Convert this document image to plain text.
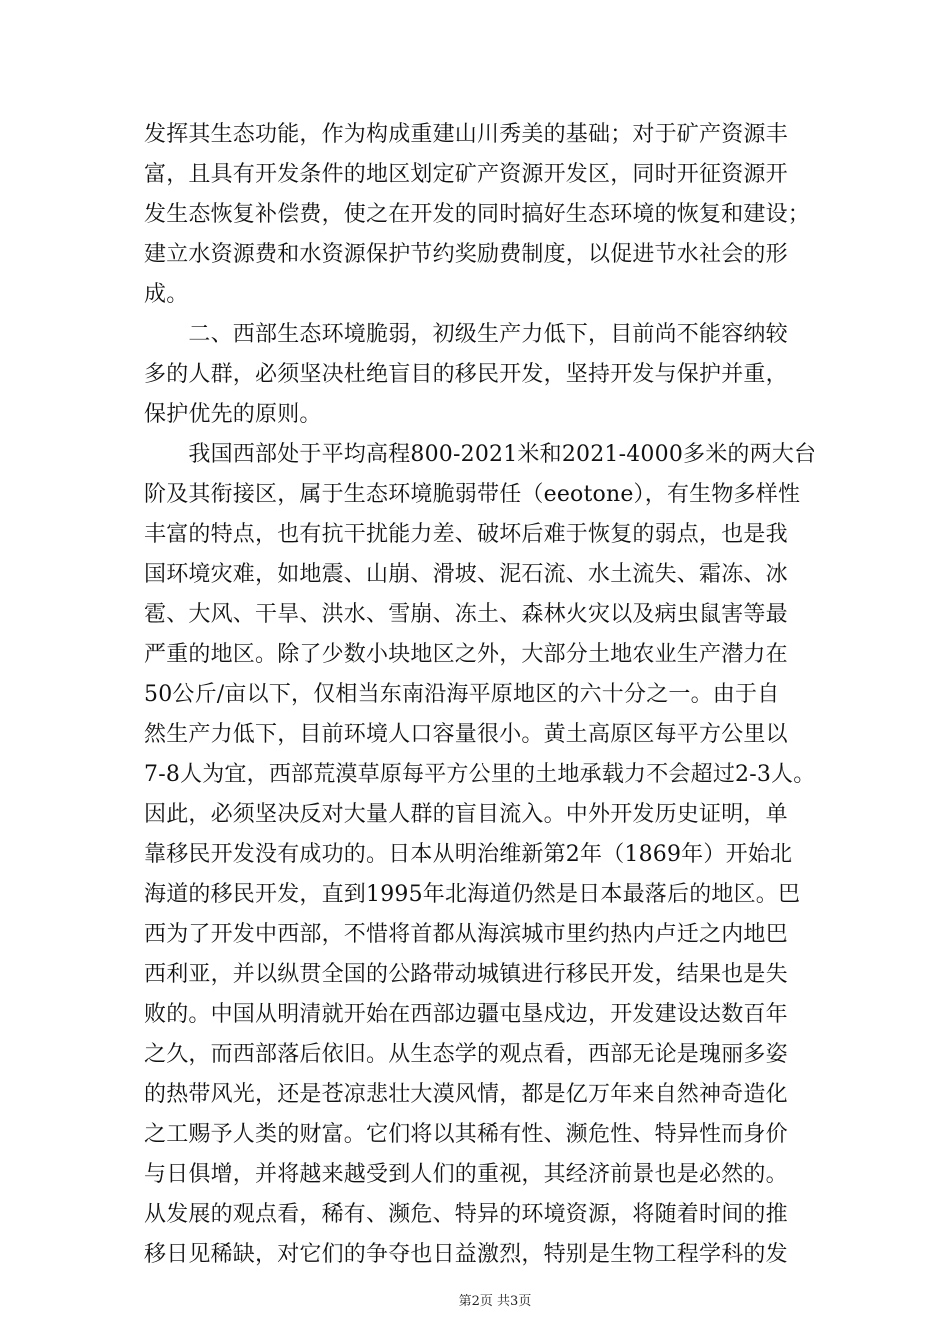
发挥其生态功能，作为构成重建山川秀美的基础；对于矿产资源丰
富，且具有开发条件的地区划定矿产资源开发区，同时开征资源开
发生态恢复补偿费，使之在开发的同时搞好生态环境的恢复和建设；
建立水资源费和水资源保护节约奖励费制度，以促进节水社会的形
成。
　　二、西部生态环境脆弱，初级生产力低下，目前尚不能容纳较
多的人群，必须坚决杜绝盲目的移民开发，坚持开发与保护并重，
保护优先的原则。
　　我国西部处于平均高程800-2021米和2021-4000多米的两大台
阶及其衔接区，属于生态环境脆弱带任（eeotone），有生物多样性
丰富的特点，也有抗干扰能力差、破坏后难于恢复的弱点，也是我
国环境灾难，如地震、山崩、滑坡、泥石流、水土流失、霜冻、冰
雹、大风、干旱、洪水、雪崩、冻土、森林火灾以及病虫鼠害等最
严重的地区。除了少数小块地区之外，大部分土地农业生产潜力在
50公斤/亩以下，仅相当东南沿海平原地区的六十分之一。由于自
然生产力低下，目前环境人口容量很小。黄土高原区每平方公里以
7-8人为宜，西部荒漠草原每平方公里的土地承载力不会超过2-3人。
因此，必须坚决反对大量人群的盲目流入。中外开发历史证明，单
靠移民开发没有成功的。日本从明治维新第2年（1869年）开始北
海道的移民开发，直到1995年北海道仍然是日本最落后的地区。巴
西为了开发中西部，不惜将首都从海滨城市里约热内卢迁之内地巴
西利亚，并以纵贯全国的公路带动城镇进行移民开发，结果也是失
败的。中国从明清就开始在西部边疆屯垦戍边，开发建设达数百年
之久，而西部落后依旧。从生态学的观点看，西部无论是瑰丽多姿
的热带风光，还是苍凉悲壮大漠风情，都是亿万年来自然神奇造化
之工赐予人类的财富。它们将以其稀有性、濒危性、特异性而身价
与日俱增，并将越来越受到人们的重视，其经济前景也是必然的。
从发展的观点看，稀有、濒危、特异的环境资源，将随着时间的推
移日见稀缺，对它们的争夺也日益激烈，特别是生物工程学科的发
第2页 共3页
